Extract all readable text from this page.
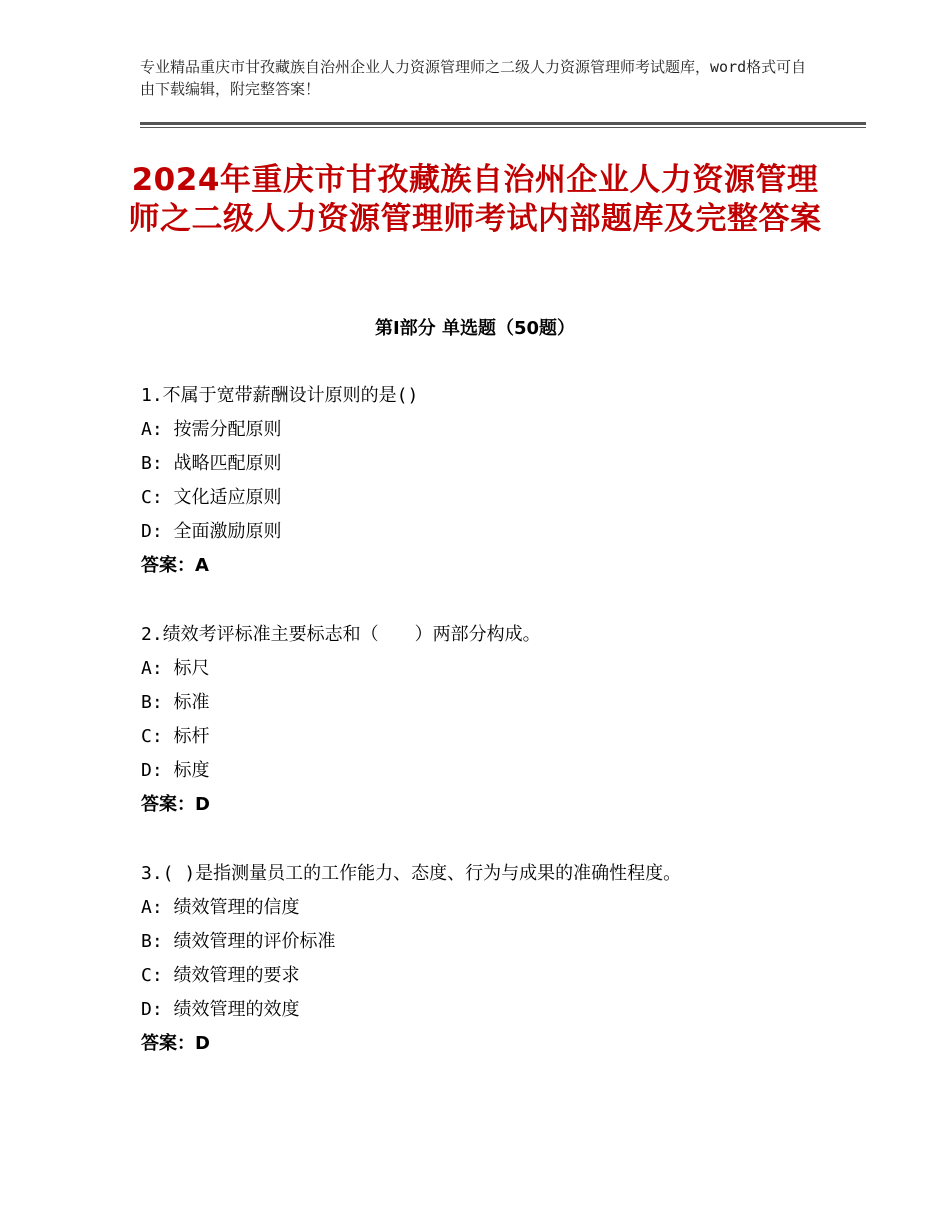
专业精品重庆市甘孜藏族自治州企业人力资源管理师之二级人力资源管理师考试题库，word格式可自由下载编辑，附完整答案！
2024年重庆市甘孜藏族自治州企业人力资源管理师之二级人力资源管理师考试内部题库及完整答案
第Ⅰ部分 单选题（50题）
1.不属于宽带薪酬设计原则的是()
A: 按需分配原则
B: 战略匹配原则
C: 文化适应原则
D: 全面激励原则
答案：A
2.绩效考评标准主要标志和（　　）两部分构成。
A: 标尺
B: 标准
C: 标杆
D: 标度
答案：D
3.( )是指测量员工的工作能力、态度、行为与成果的准确性程度。
A: 绩效管理的信度
B: 绩效管理的评价标准
C: 绩效管理的要求
D: 绩效管理的效度
答案：D
